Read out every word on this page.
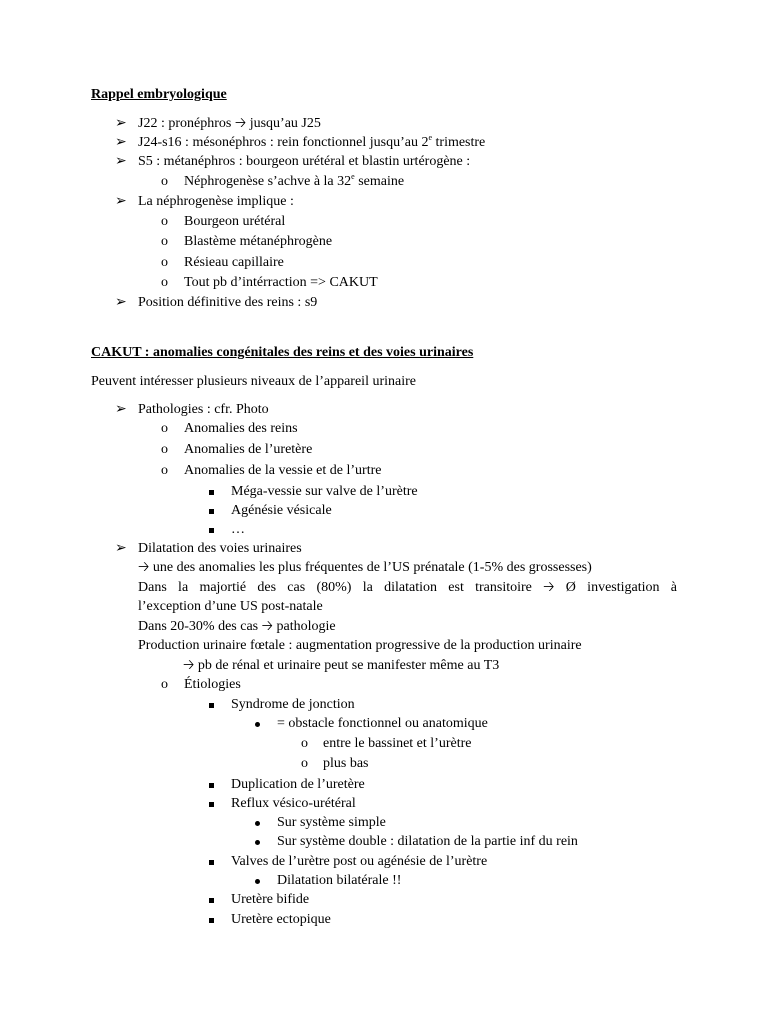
Rappel embryologique
➢ J22 : pronéphros 🡢 jusqu’au J25
➢ J24-s16 : mésonéphros : rein fonctionnel jusqu’au 2e trimestre
➢ S5 : métanéphros : bourgeon urétéral et blastin urtérogène :
o Néphrogenèse s’achve à la 32e semaine
➢ La néphrogenèse implique :
o Bourgeon urétéral
o Blastème métanéphrogène
o Résieau capillaire
o Tout pb d’intérraction => CAKUT
➢ Position définitive des reins : s9
CAKUT : anomalies congénitales des reins et des voies urinaires
Peuvent intéresser plusieurs niveaux de l’appareil urinaire
➢ Pathologies : cfr. Photo
o Anomalies des reins
o Anomalies de l’uretère
o Anomalies de la vessie et de l’urtre
Méga-vessie sur valve de l’urètre
Agénésie vésicale
…
➢ Dilatation des voies urinaires
🡢 une des anomalies les plus fréquentes de l’US prénatale (1-5% des grossesses)
Dans la majortié des cas (80%) la dilatation est transitoire 🡢 Ø investigation à
l’exception d’une US post-natale
Dans 20-30% des cas 🡢 pathologie
Production urinaire fœtale : augmentation progressive de la production urinaire
🡢 pb de rénal et urinaire peut se manifester même au T3
o Étiologies
Syndrome de jonction
= obstacle fonctionnel ou anatomique
o entre le bassinet et l’urètre
o plus bas
Duplication de l’uretère
Reflux vésico-urétéral
Sur système simple
Sur système double : dilatation de la partie inf du rein
Valves de l’urètre post ou agénésie de l’urètre
Dilatation bilatérale !!
Uretère bifide
Uretère ectopique
